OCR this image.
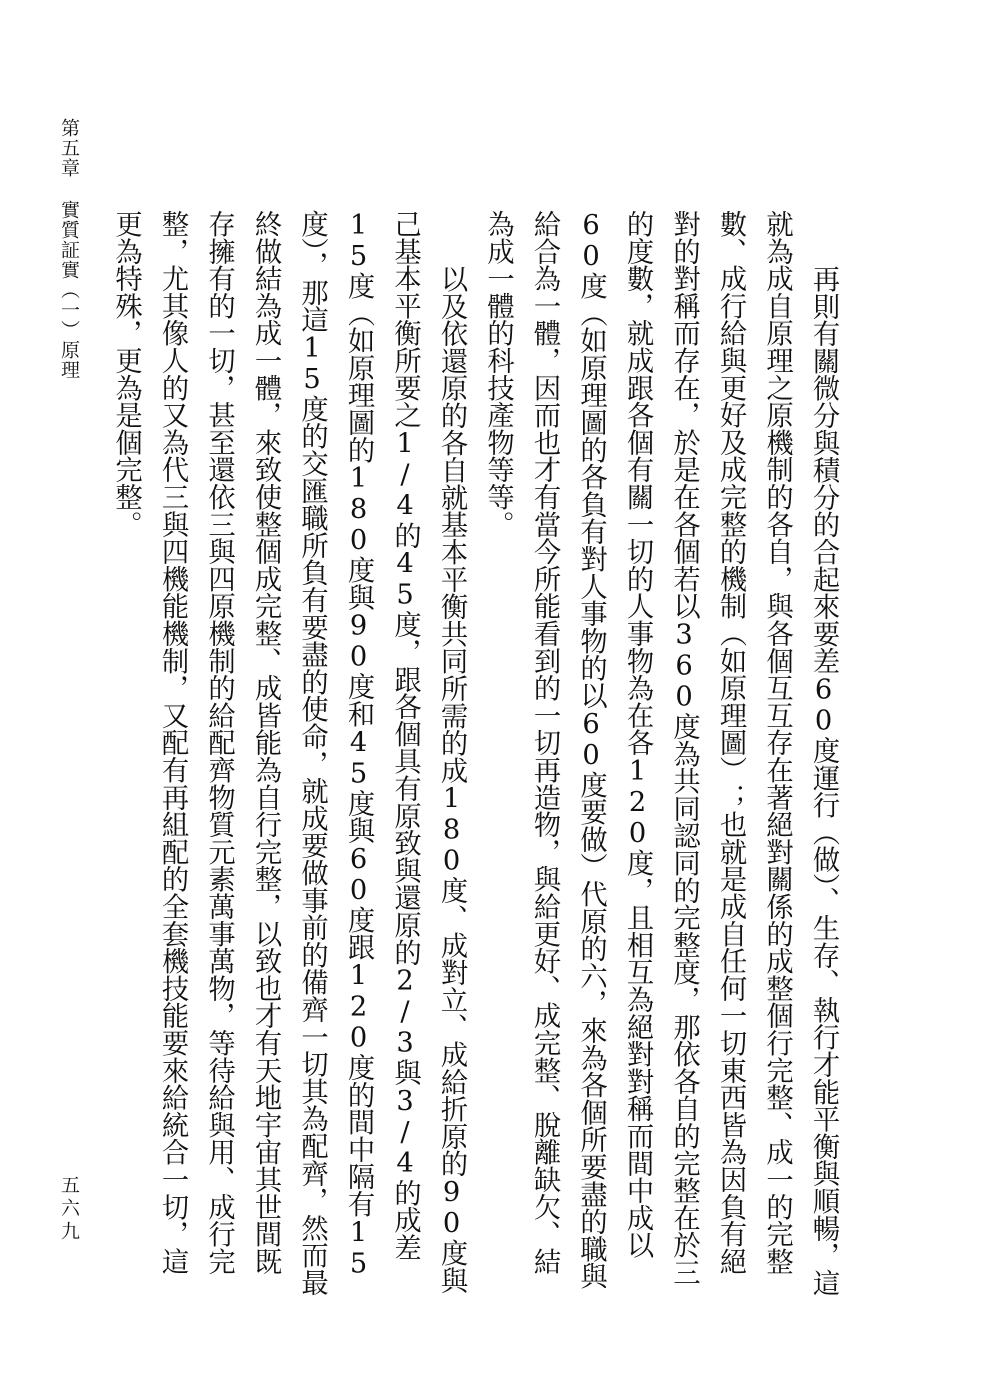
第五章實質証實（一）原理
五六九	再則有關微分與積分的合起來要差60度運行（做）、生存、執行才能平衡與順暢，這就為成自原理之原機制的各自，與各個互互存在著絕對關係的成整個行完整、成一的完整數、成行給與更好及成完整的機制（如原理圖）；也就是成自任何一切東西皆為因負有絕對的對稱而存在，於是在各個若以360度為共同認同的完整度，那依各自的完整在於三的度數，就成跟各個有關一切的人事物為在各120度，且相互為絕對對稱而間中成以60度（如原理圖的各負有對人事物的以60度要做）代原的六，來為各個所要盡的職與給合為一體，因而也才有當今所能看到的一切再造物，與給更好、成完整、脫離缺欠、結為成一體的科技產物等等。

以及依還原的各自就基本平衡共同所需的成180度、成對立、成給折原的90度與己基本平衡所要之1/4的45度，跟各個具有原致與還原的2/3與3/4的成差15度（如原理圖的180度與90度和45度與60度跟120度的間中隔有15度），那這15度的交匯職所負有要盡的使命，就成要做事前的備齊一切其為配齊，然而最終做結為成一體，來致使整個成完整、成皆能為自行完整，以致也才有天地宇宙其世間既存擁有的一切，甚至還依三與四原機制的給配齊物質元素萬事萬物，等待給與用、成行完整，尤其像人的又為代三與四機能機制，又配有再組配的全套機技能要來給統合一切，這更為特殊，更為是個完整。
